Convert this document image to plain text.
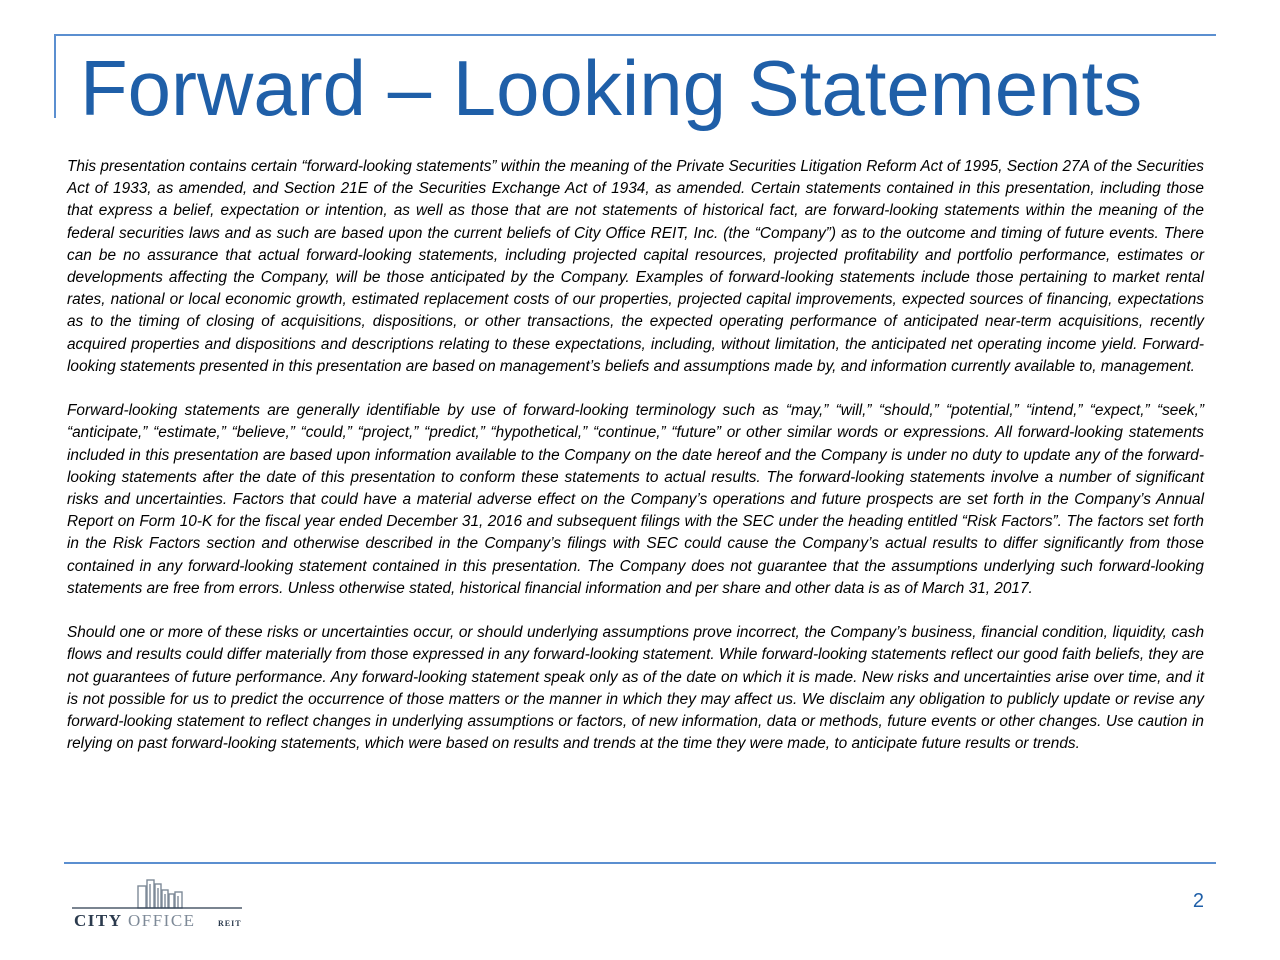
Forward – Looking Statements

This presentation contains certain “forward-looking statements” within the meaning of the Private Securities Litigation Reform Act of 1995, Section 27A of the Securities Act of 1933, as amended, and Section 21E of the Securities Exchange Act of 1934, as amended. Certain statements contained in this presentation, including those that express a belief, expectation or intention, as well as those that are not statements of historical fact, are forward-looking statements within the meaning of the federal securities laws and as such are based upon the current beliefs of City Office REIT, Inc. (the “Company”) as to the outcome and timing of future events. There can be no assurance that actual forward-looking statements, including projected capital resources, projected profitability and portfolio performance, estimates or developments affecting the Company, will be those anticipated by the Company. Examples of forward-looking statements include those pertaining to market rental rates, national or local economic growth, estimated replacement costs of our properties, projected capital improvements, expected sources of financing, expectations as to the timing of closing of acquisitions, dispositions, or other transactions, the expected operating performance of anticipated near-term acquisitions, recently acquired properties and dispositions and descriptions relating to these expectations, including, without limitation, the anticipated net operating income yield. Forward-looking statements presented in this presentation are based on management’s beliefs and assumptions made by, and information currently available to, management.

Forward-looking statements are generally identifiable by use of forward-looking terminology such as “may,” “will,” “should,” “potential,” “intend,” “expect,” “seek,” “anticipate,” “estimate,” “believe,” “could,” “project,” “predict,” “hypothetical,” “continue,” “future” or other similar words or expressions. All forward-looking statements included in this presentation are based upon information available to the Company on the date hereof and the Company is under no duty to update any of the forward-looking statements after the date of this presentation to conform these statements to actual results. The forward-looking statements involve a number of significant risks and uncertainties. Factors that could have a material adverse effect on the Company’s operations and future prospects are set forth in the Company’s Annual Report on Form 10-K for the fiscal year ended December 31, 2016 and subsequent filings with the SEC under the heading entitled “Risk Factors”. The factors set forth in the Risk Factors section and otherwise described in the Company’s filings with SEC could cause the Company’s actual results to differ significantly from those contained in any forward-looking statement contained in this presentation. The Company does not guarantee that the assumptions underlying such forward-looking statements are free from errors. Unless otherwise stated, historical financial information and per share and other data is as of March 31, 2017.

Should one or more of these risks or uncertainties occur, or should underlying assumptions prove incorrect, the Company’s business, financial condition, liquidity, cash flows and results could differ materially from those expressed in any forward-looking statement. While forward-looking statements reflect our good faith beliefs, they are not guarantees of future performance. Any forward-looking statement speak only as of the date on which it is made. New risks and uncertainties arise over time, and it is not possible for us to predict the occurrence of those matters or the manner in which they may affect us. We disclaim any obligation to publicly update or revise any forward-looking statement to reflect changes in underlying assumptions or factors, of new information, data or methods, future events or other changes. Use caution in relying on past forward-looking statements, which were based on results and trends at the time they were made, to anticipate future results or trends.

CITY OFFICE	REIT
2
